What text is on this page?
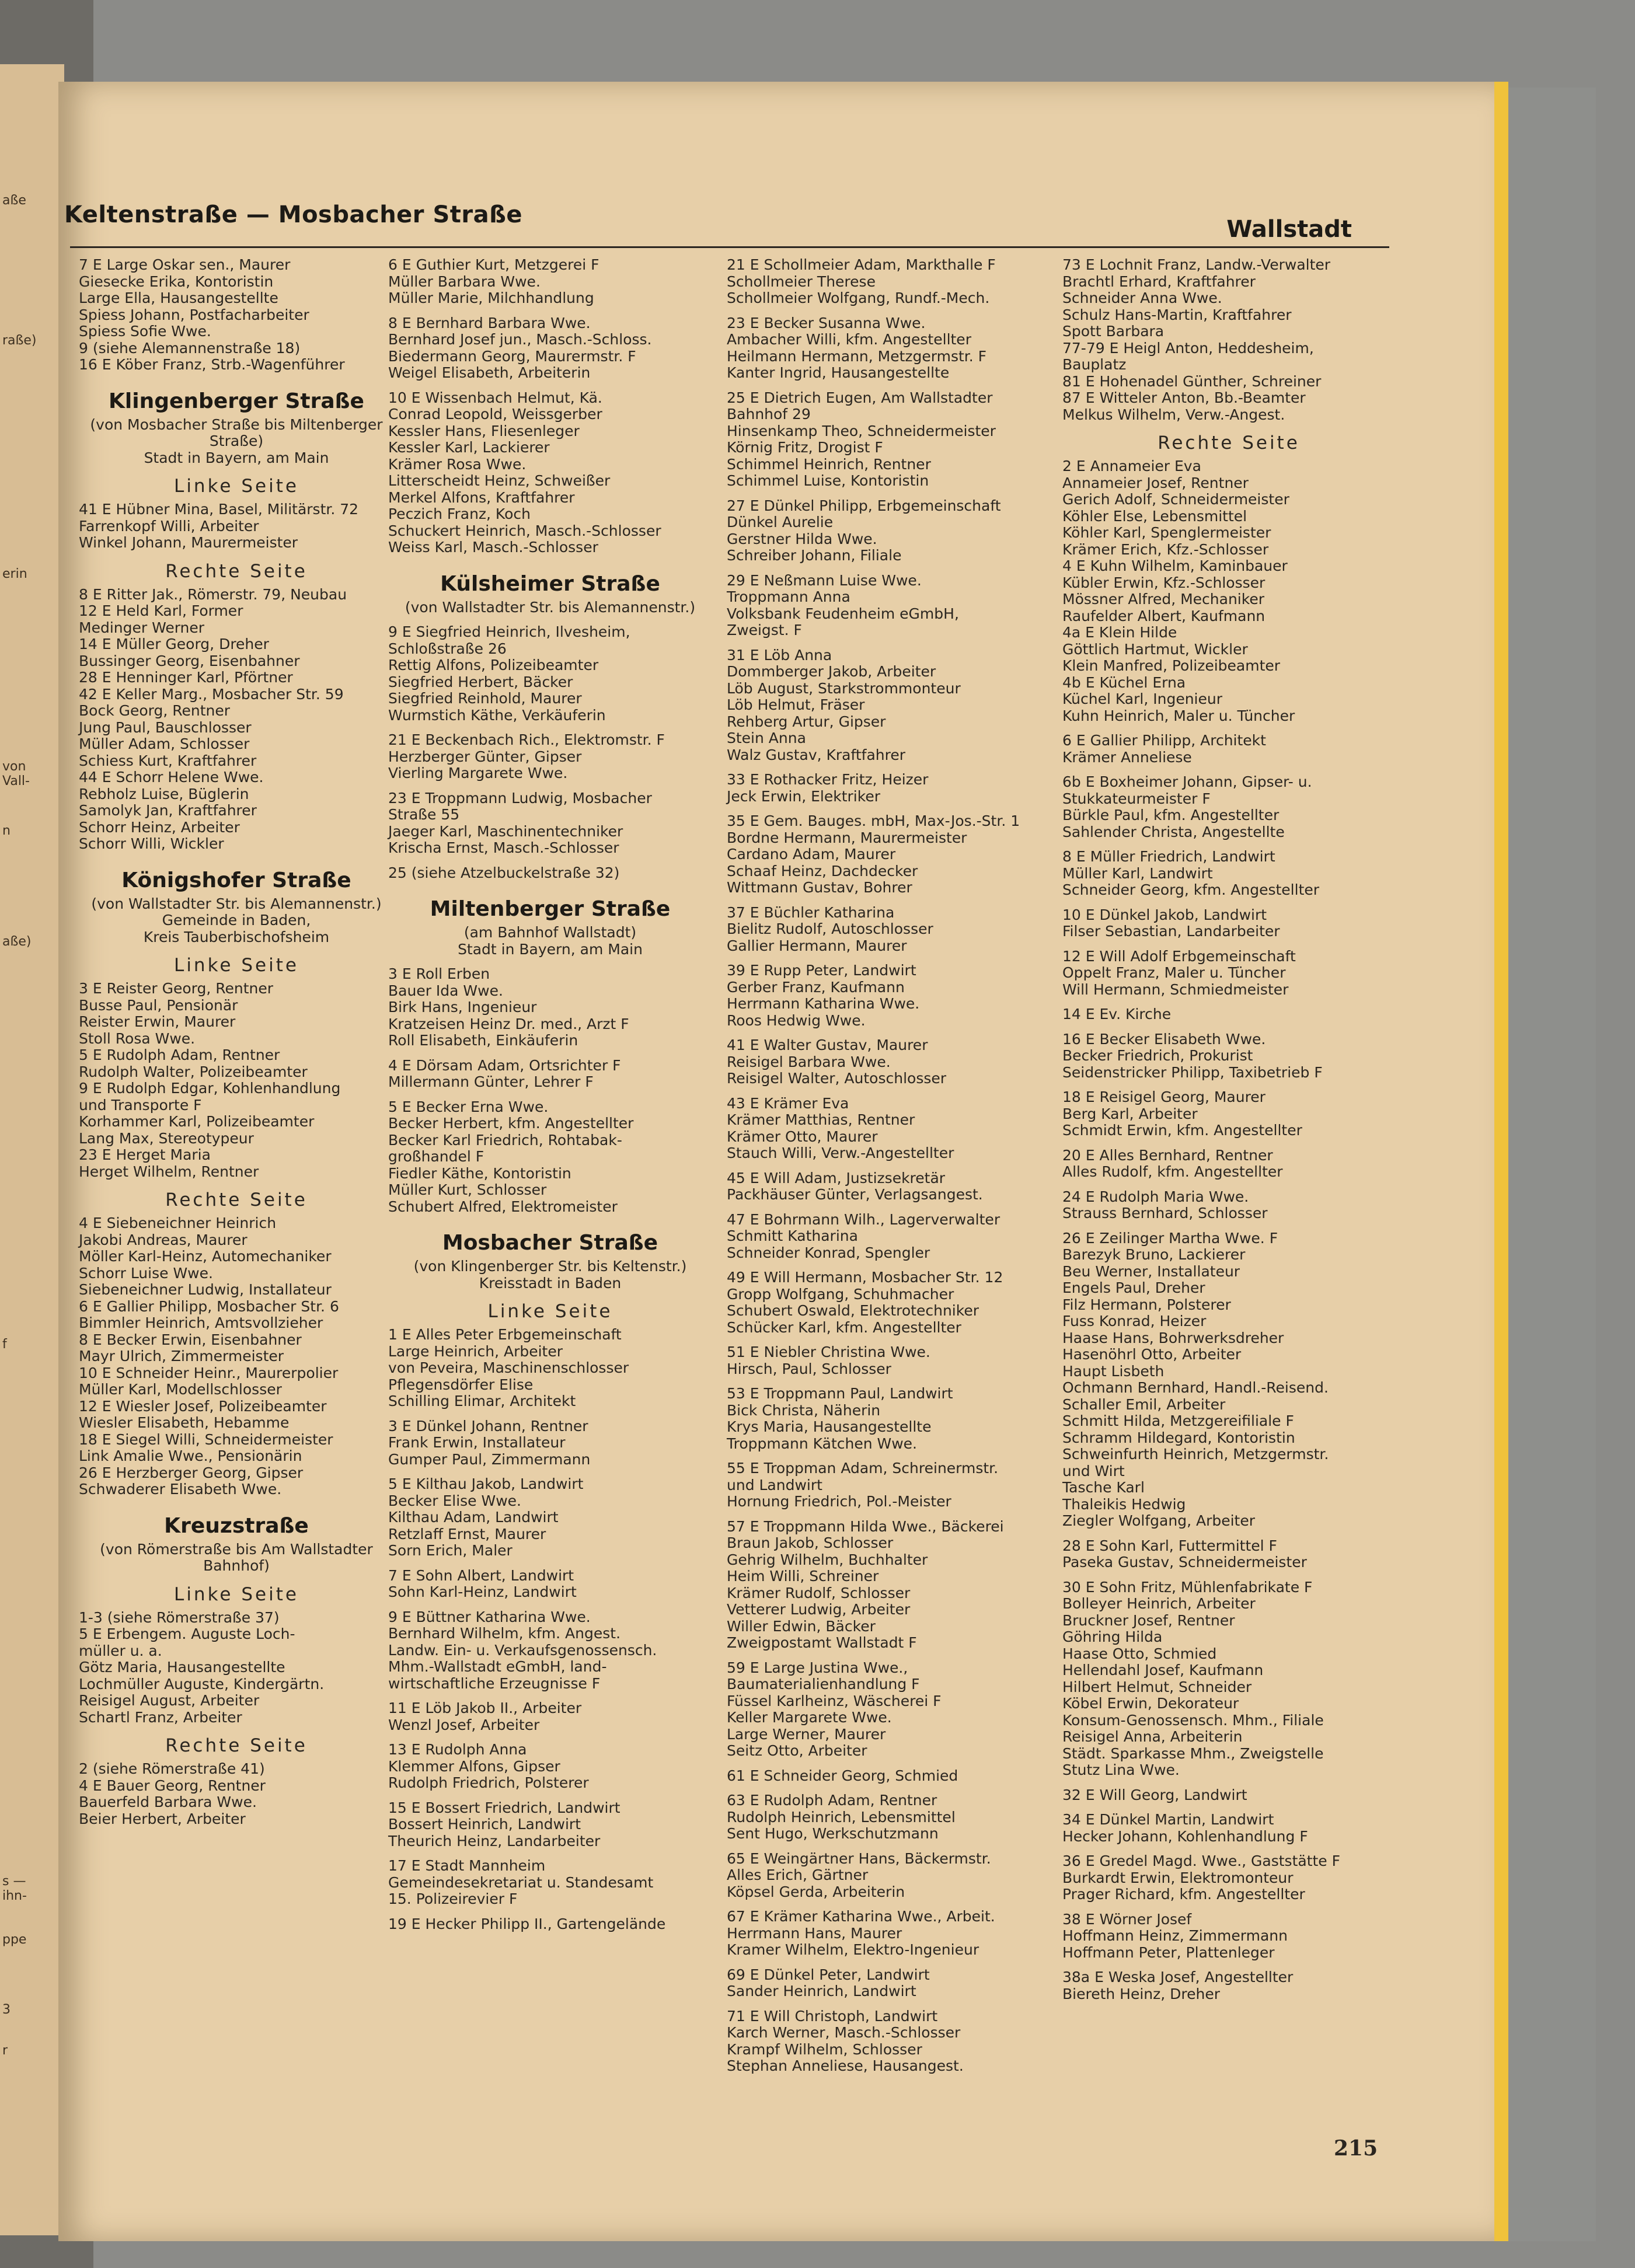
aße
raße)
erin
von
Vall-
n
aße)
f
s —
ihn-
ppe
3
r
Keltenstraße — Mosbacher Straße
Wallstadt
7 E Large Oskar sen., Maurer
Giesecke Erika, Kontoristin
Large Ella, Hausangestellte
Spiess Johann, Postfacharbeiter
Spiess Sofie Wwe.
9 (siehe Alemannenstraße 18)
16 E Köber Franz, Strb.-Wagenführer
Klingenberger Straße
(von Mosbacher Straße bis Miltenberger
Straße)
Stadt in Bayern, am Main
Linke Seite
41 E Hübner Mina, Basel, Militärstr. 72
Farrenkopf Willi, Arbeiter
Winkel Johann, Maurermeister
Rechte Seite
8 E Ritter Jak., Römerstr. 79, Neubau
12 E Held Karl, Former
Medinger Werner
14 E Müller Georg, Dreher
Bussinger Georg, Eisenbahner
28 E Henninger Karl, Pförtner
42 E Keller Marg., Mosbacher Str. 59
Bock Georg, Rentner
Jung Paul, Bauschlosser
Müller Adam, Schlosser
Schiess Kurt, Kraftfahrer
44 E Schorr Helene Wwe.
Rebholz Luise, Büglerin
Samolyk Jan, Kraftfahrer
Schorr Heinz, Arbeiter
Schorr Willi, Wickler
Königshofer Straße
(von Wallstadter Str. bis Alemannenstr.)
Gemeinde in Baden,
Kreis Tauberbischofsheim
Linke Seite
3 E Reister Georg, Rentner
Busse Paul, Pensionär
Reister Erwin, Maurer
Stoll Rosa Wwe.
5 E Rudolph Adam, Rentner
Rudolph Walter, Polizeibeamter
9 E Rudolph Edgar, Kohlenhandlung
und Transporte F
Korhammer Karl, Polizeibeamter
Lang Max, Stereotypeur
23 E Herget Maria
Herget Wilhelm, Rentner
Rechte Seite
4 E Siebeneichner Heinrich
Jakobi Andreas, Maurer
Möller Karl-Heinz, Automechaniker
Schorr Luise Wwe.
Siebeneichner Ludwig, Installateur
6 E Gallier Philipp, Mosbacher Str. 6
Bimmler Heinrich, Amtsvollzieher
8 E Becker Erwin, Eisenbahner
Mayr Ulrich, Zimmermeister
10 E Schneider Heinr., Maurerpolier
Müller Karl, Modellschlosser
12 E Wiesler Josef, Polizeibeamter
Wiesler Elisabeth, Hebamme
18 E Siegel Willi, Schneidermeister
Link Amalie Wwe., Pensionärin
26 E Herzberger Georg, Gipser
Schwaderer Elisabeth Wwe.
Kreuzstraße
(von Römerstraße bis Am Wallstadter
Bahnhof)
Linke Seite
1-3 (siehe Römerstraße 37)
5 E Erbengem. Auguste Loch-
müller u. a.
Götz Maria, Hausangestellte
Lochmüller Auguste, Kindergärtn.
Reisigel August, Arbeiter
Schartl Franz, Arbeiter
Rechte Seite
2 (siehe Römerstraße 41)
4 E Bauer Georg, Rentner
Bauerfeld Barbara Wwe.
Beier Herbert, Arbeiter
6 E Guthier Kurt, Metzgerei F
Müller Barbara Wwe.
Müller Marie, Milchhandlung
8 E Bernhard Barbara Wwe.
Bernhard Josef jun., Masch.-Schloss.
Biedermann Georg, Maurermstr. F
Weigel Elisabeth, Arbeiterin
10 E Wissenbach Helmut, Kä.
Conrad Leopold, Weissgerber
Kessler Hans, Fliesenleger
Kessler Karl, Lackierer
Krämer Rosa Wwe.
Litterscheidt Heinz, Schweißer
Merkel Alfons, Kraftfahrer
Peczich Franz, Koch
Schuckert Heinrich, Masch.-Schlosser
Weiss Karl, Masch.-Schlosser
Külsheimer Straße
(von Wallstadter Str. bis Alemannenstr.)
9 E Siegfried Heinrich, Ilvesheim,
Schloßstraße 26
Rettig Alfons, Polizeibeamter
Siegfried Herbert, Bäcker
Siegfried Reinhold, Maurer
Wurmstich Käthe, Verkäuferin
21 E Beckenbach Rich., Elektromstr. F
Herzberger Günter, Gipser
Vierling Margarete Wwe.
23 E Troppmann Ludwig, Mosbacher
Straße 55
Jaeger Karl, Maschinentechniker
Krischa Ernst, Masch.-Schlosser
25 (siehe Atzelbuckelstraße 32)
Miltenberger Straße
(am Bahnhof Wallstadt)
Stadt in Bayern, am Main
3 E Roll Erben
Bauer Ida Wwe.
Birk Hans, Ingenieur
Kratzeisen Heinz Dr. med., Arzt F
Roll Elisabeth, Einkäuferin
4 E Dörsam Adam, Ortsrichter F
Millermann Günter, Lehrer F
5 E Becker Erna Wwe.
Becker Herbert, kfm. Angestellter
Becker Karl Friedrich, Rohtabak-
großhandel F
Fiedler Käthe, Kontoristin
Müller Kurt, Schlosser
Schubert Alfred, Elektromeister
Mosbacher Straße
(von Klingenberger Str. bis Keltenstr.)
Kreisstadt in Baden
Linke Seite
1 E Alles Peter Erbgemeinschaft
Large Heinrich, Arbeiter
von Peveira, Maschinenschlosser
Pflegensdörfer Elise
Schilling Elimar, Architekt
3 E Dünkel Johann, Rentner
Frank Erwin, Installateur
Gumper Paul, Zimmermann
5 E Kilthau Jakob, Landwirt
Becker Elise Wwe.
Kilthau Adam, Landwirt
Retzlaff Ernst, Maurer
Sorn Erich, Maler
7 E Sohn Albert, Landwirt
Sohn Karl-Heinz, Landwirt
9 E Büttner Katharina Wwe.
Bernhard Wilhelm, kfm. Angest.
Landw. Ein- u. Verkaufsgenossensch.
Mhm.-Wallstadt eGmbH, land-
wirtschaftliche Erzeugnisse F
11 E Löb Jakob II., Arbeiter
Wenzl Josef, Arbeiter
13 E Rudolph Anna
Klemmer Alfons, Gipser
Rudolph Friedrich, Polsterer
15 E Bossert Friedrich, Landwirt
Bossert Heinrich, Landwirt
Theurich Heinz, Landarbeiter
17 E Stadt Mannheim
Gemeindesekretariat u. Standesamt
15. Polizeirevier F
19 E Hecker Philipp II., Gartengelände
21 E Schollmeier Adam, Markthalle F
Schollmeier Therese
Schollmeier Wolfgang, Rundf.-Mech.
23 E Becker Susanna Wwe.
Ambacher Willi, kfm. Angestellter
Heilmann Hermann, Metzgermstr. F
Kanter Ingrid, Hausangestellte
25 E Dietrich Eugen, Am Wallstadter
Bahnhof 29
Hinsenkamp Theo, Schneidermeister
Körnig Fritz, Drogist F
Schimmel Heinrich, Rentner
Schimmel Luise, Kontoristin
27 E Dünkel Philipp, Erbgemeinschaft
Dünkel Aurelie
Gerstner Hilda Wwe.
Schreiber Johann, Filiale
29 E Neßmann Luise Wwe.
Troppmann Anna
Volksbank Feudenheim eGmbH,
Zweigst. F
31 E Löb Anna
Dommberger Jakob, Arbeiter
Löb August, Starkstrommonteur
Löb Helmut, Fräser
Rehberg Artur, Gipser
Stein Anna
Walz Gustav, Kraftfahrer
33 E Rothacker Fritz, Heizer
Jeck Erwin, Elektriker
35 E Gem. Bauges. mbH, Max-Jos.-Str. 1
Bordne Hermann, Maurermeister
Cardano Adam, Maurer
Schaaf Heinz, Dachdecker
Wittmann Gustav, Bohrer
37 E Büchler Katharina
Bielitz Rudolf, Autoschlosser
Gallier Hermann, Maurer
39 E Rupp Peter, Landwirt
Gerber Franz, Kaufmann
Herrmann Katharina Wwe.
Roos Hedwig Wwe.
41 E Walter Gustav, Maurer
Reisigel Barbara Wwe.
Reisigel Walter, Autoschlosser
43 E Krämer Eva
Krämer Matthias, Rentner
Krämer Otto, Maurer
Stauch Willi, Verw.-Angestellter
45 E Will Adam, Justizsekretär
Packhäuser Günter, Verlagsangest.
47 E Bohrmann Wilh., Lagerverwalter
Schmitt Katharina
Schneider Konrad, Spengler
49 E Will Hermann, Mosbacher Str. 12
Gropp Wolfgang, Schuhmacher
Schubert Oswald, Elektrotechniker
Schücker Karl, kfm. Angestellter
51 E Niebler Christina Wwe.
Hirsch, Paul, Schlosser
53 E Troppmann Paul, Landwirt
Bick Christa, Näherin
Krys Maria, Hausangestellte
Troppmann Kätchen Wwe.
55 E Troppman Adam, Schreinermstr.
und Landwirt
Hornung Friedrich, Pol.-Meister
57 E Troppmann Hilda Wwe., Bäckerei
Braun Jakob, Schlosser
Gehrig Wilhelm, Buchhalter
Heim Willi, Schreiner
Krämer Rudolf, Schlosser
Vetterer Ludwig, Arbeiter
Willer Edwin, Bäcker
Zweigpostamt Wallstadt F
59 E Large Justina Wwe.,
Baumaterialienhandlung F
Füssel Karlheinz, Wäscherei F
Keller Margarete Wwe.
Large Werner, Maurer
Seitz Otto, Arbeiter
61 E Schneider Georg, Schmied
63 E Rudolph Adam, Rentner
Rudolph Heinrich, Lebensmittel
Sent Hugo, Werkschutzmann
65 E Weingärtner Hans, Bäckermstr.
Alles Erich, Gärtner
Köpsel Gerda, Arbeiterin
67 E Krämer Katharina Wwe., Arbeit.
Herrmann Hans, Maurer
Kramer Wilhelm, Elektro-Ingenieur
69 E Dünkel Peter, Landwirt
Sander Heinrich, Landwirt
71 E Will Christoph, Landwirt
Karch Werner, Masch.-Schlosser
Krampf Wilhelm, Schlosser
Stephan Anneliese, Hausangest.
73 E Lochnit Franz, Landw.-Verwalter
Brachtl Erhard, Kraftfahrer
Schneider Anna Wwe.
Schulz Hans-Martin, Kraftfahrer
Spott Barbara
77-79 E Heigl Anton, Heddesheim,
Bauplatz
81 E Hohenadel Günther, Schreiner
87 E Witteler Anton, Bb.-Beamter
Melkus Wilhelm, Verw.-Angest.
Rechte Seite
2 E Annameier Eva
Annameier Josef, Rentner
Gerich Adolf, Schneidermeister
Köhler Else, Lebensmittel
Köhler Karl, Spenglermeister
Krämer Erich, Kfz.-Schlosser
4 E Kuhn Wilhelm, Kaminbauer
Kübler Erwin, Kfz.-Schlosser
Mössner Alfred, Mechaniker
Raufelder Albert, Kaufmann
4a E Klein Hilde
Göttlich Hartmut, Wickler
Klein Manfred, Polizeibeamter
4b E Küchel Erna
Küchel Karl, Ingenieur
Kuhn Heinrich, Maler u. Tüncher
6 E Gallier Philipp, Architekt
Krämer Anneliese
6b E Boxheimer Johann, Gipser- u.
Stukkateurmeister F
Bürkle Paul, kfm. Angestellter
Sahlender Christa, Angestellte
8 E Müller Friedrich, Landwirt
Müller Karl, Landwirt
Schneider Georg, kfm. Angestellter
10 E Dünkel Jakob, Landwirt
Filser Sebastian, Landarbeiter
12 E Will Adolf Erbgemeinschaft
Oppelt Franz, Maler u. Tüncher
Will Hermann, Schmiedmeister
14 E Ev. Kirche
16 E Becker Elisabeth Wwe.
Becker Friedrich, Prokurist
Seidenstricker Philipp, Taxibetrieb F
18 E Reisigel Georg, Maurer
Berg Karl, Arbeiter
Schmidt Erwin, kfm. Angestellter
20 E Alles Bernhard, Rentner
Alles Rudolf, kfm. Angestellter
24 E Rudolph Maria Wwe.
Strauss Bernhard, Schlosser
26 E Zeilinger Martha Wwe. F
Barezyk Bruno, Lackierer
Beu Werner, Installateur
Engels Paul, Dreher
Filz Hermann, Polsterer
Fuss Konrad, Heizer
Haase Hans, Bohrwerksdreher
Hasenöhrl Otto, Arbeiter
Haupt Lisbeth
Ochmann Bernhard, Handl.-Reisend.
Schaller Emil, Arbeiter
Schmitt Hilda, Metzgereifiliale F
Schramm Hildegard, Kontoristin
Schweinfurth Heinrich, Metzgermstr.
und Wirt
Tasche Karl
Thaleikis Hedwig
Ziegler Wolfgang, Arbeiter
28 E Sohn Karl, Futtermittel F
Paseka Gustav, Schneidermeister
30 E Sohn Fritz, Mühlenfabrikate F
Bolleyer Heinrich, Arbeiter
Bruckner Josef, Rentner
Göhring Hilda
Haase Otto, Schmied
Hellendahl Josef, Kaufmann
Hilbert Helmut, Schneider
Köbel Erwin, Dekorateur
Konsum-Genossensch. Mhm., Filiale
Reisigel Anna, Arbeiterin
Städt. Sparkasse Mhm., Zweigstelle
Stutz Lina Wwe.
32 E Will Georg, Landwirt
34 E Dünkel Martin, Landwirt
Hecker Johann, Kohlenhandlung F
36 E Gredel Magd. Wwe., Gaststätte F
Burkardt Erwin, Elektromonteur
Prager Richard, kfm. Angestellter
38 E Wörner Josef
Hoffmann Heinz, Zimmermann
Hoffmann Peter, Plattenleger
38a E Weska Josef, Angestellter
Biereth Heinz, Dreher
215
